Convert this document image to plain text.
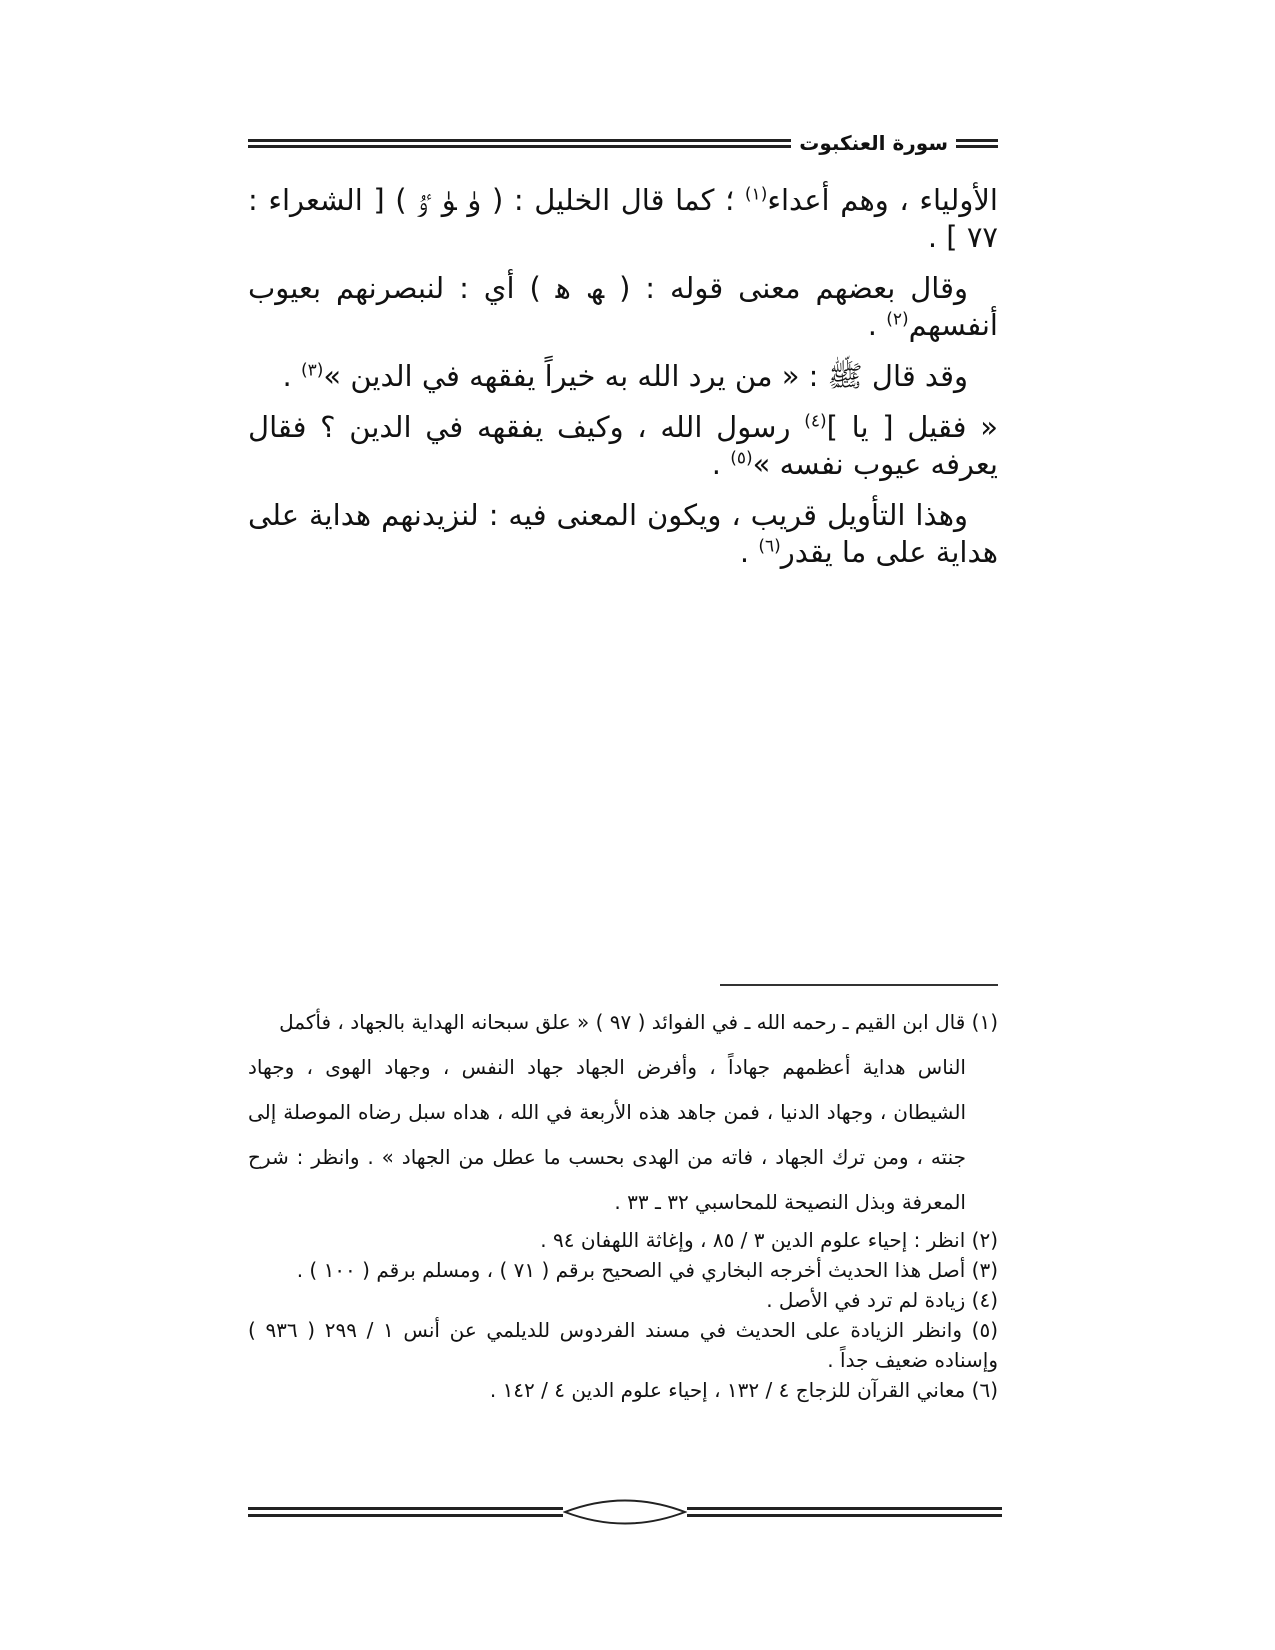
سورة العنكبوت

الأولياء ، وهم أعداء$^{(١)}$ ؛ كما قال الخليل : ( ﯛ ﯜ ﯝ ) [ الشعراء : ٧٧ ] .

وقال بعضهم معنى قوله : ( ﮫ ﮬ ) أي : لنبصرنهم بعيوب أنفسهم$^{(٢)}$ .

وقد قال ﷺ : « من يرد الله به خيراً يفقهه في الدين »$^{(٣)}$ .

« فقيل [ يا ]$^{(٤)}$ رسول الله ، وكيف يفقهه في الدين ؟ فقال يعرفه عيوب نفسه »$^{(٥)}$ .

وهذا التأويل قريب ، ويكون المعنى فيه : لنزيدنهم هداية على هداية على ما يقدر$^{(٦)}$ .

(١) قال ابن القيم ـ رحمه الله ـ في الفوائد ( ٩٧ ) « علق سبحانه الهداية بالجهاد ، فأكمل
الناس هداية أعظمهم جهاداً ، وأفرض الجهاد جهاد النفس ، وجهاد الهوى ، وجهاد الشيطان ، وجهاد الدنيا ، فمن جاهد هذه الأربعة في الله ، هداه سبل رضاه الموصلة إلى جنته ، ومن ترك الجهاد ، فاته من الهدى بحسب ما عطل من الجهاد » . وانظر : شرح المعرفة وبذل النصيحة للمحاسبي ٣٢ ـ ٣٣ .

(٢) انظر : إحياء علوم الدين ٣ / ٨٥ ، وإغاثة اللهفان ٩٤ .

(٣) أصل هذا الحديث أخرجه البخاري في الصحيح برقم ( ٧١ ) ، ومسلم برقم ( ١٠٠ ) .

(٤) زيادة لم ترد في الأصل .

(٥) وانظر الزيادة على الحديث في مسند الفردوس للديلمي عن أنس ١ / ٢٩٩ ( ٩٣٦ ) وإسناده ضعيف جداً .

(٦) معاني القرآن للزجاج ٤ / ١٣٢ ، إحياء علوم الدين ٤ / ١٤٢ .
